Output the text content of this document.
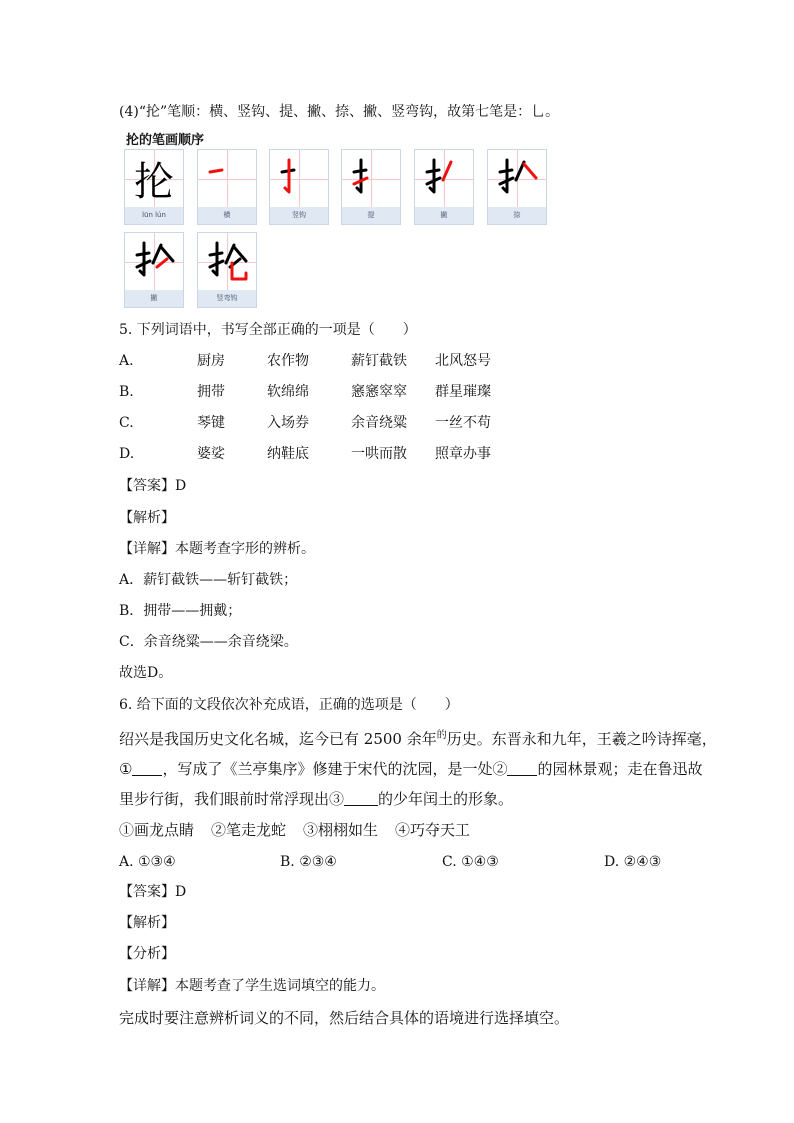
(4)“抡”笔顺：横、竖钩、提、撇、捺、撇、竖弯钩，故第七笔是：乚。
抡的笔画顺序
抡
lūn lún	横	竖钩	提	撇	捺
撇	竖弯钩
5. 下列词语中，书写全部正确的一项是（　　）
A.	厨房	农作物	薪钉截铁 北风怒号
B.	拥带	软绵绵	窸窸窣窣 群星璀璨
C.	琴键	入场券	余音绕粱 一丝不苟
D.	婆娑	纳鞋底	一哄而散 照章办事
【答案】D
【解析】
【详解】本题考查字形的辨析。
A．薪钉截铁——斩钉截铁；
B．拥带——拥戴；
C．余音绕粱——余音绕梁。
故选D。
6. 给下面的文段依次补充成语，正确的选项是（　　）
绍兴是我国历史文化名城，迄今已有 2500 余年$^的$历史。东晋永和九年，王羲之吟诗挥毫，
① ，写成了《兰亭集序》修建于宋代的沈园，是一处② 的园林景观；走在鲁迅故
里步行街，我们眼前时常浮现出③ 的少年闰土的形象。
①画龙点睛 ②笔走龙蛇 ③栩栩如生 ④巧夺天工
A. ①③④	B. ②③④	C. ①④③	D. ②④③
【答案】D
【解析】
【分析】
【详解】本题考查了学生选词填空的能力。
完成时要注意辨析词义的不同，然后结合具体的语境进行选择填空。
